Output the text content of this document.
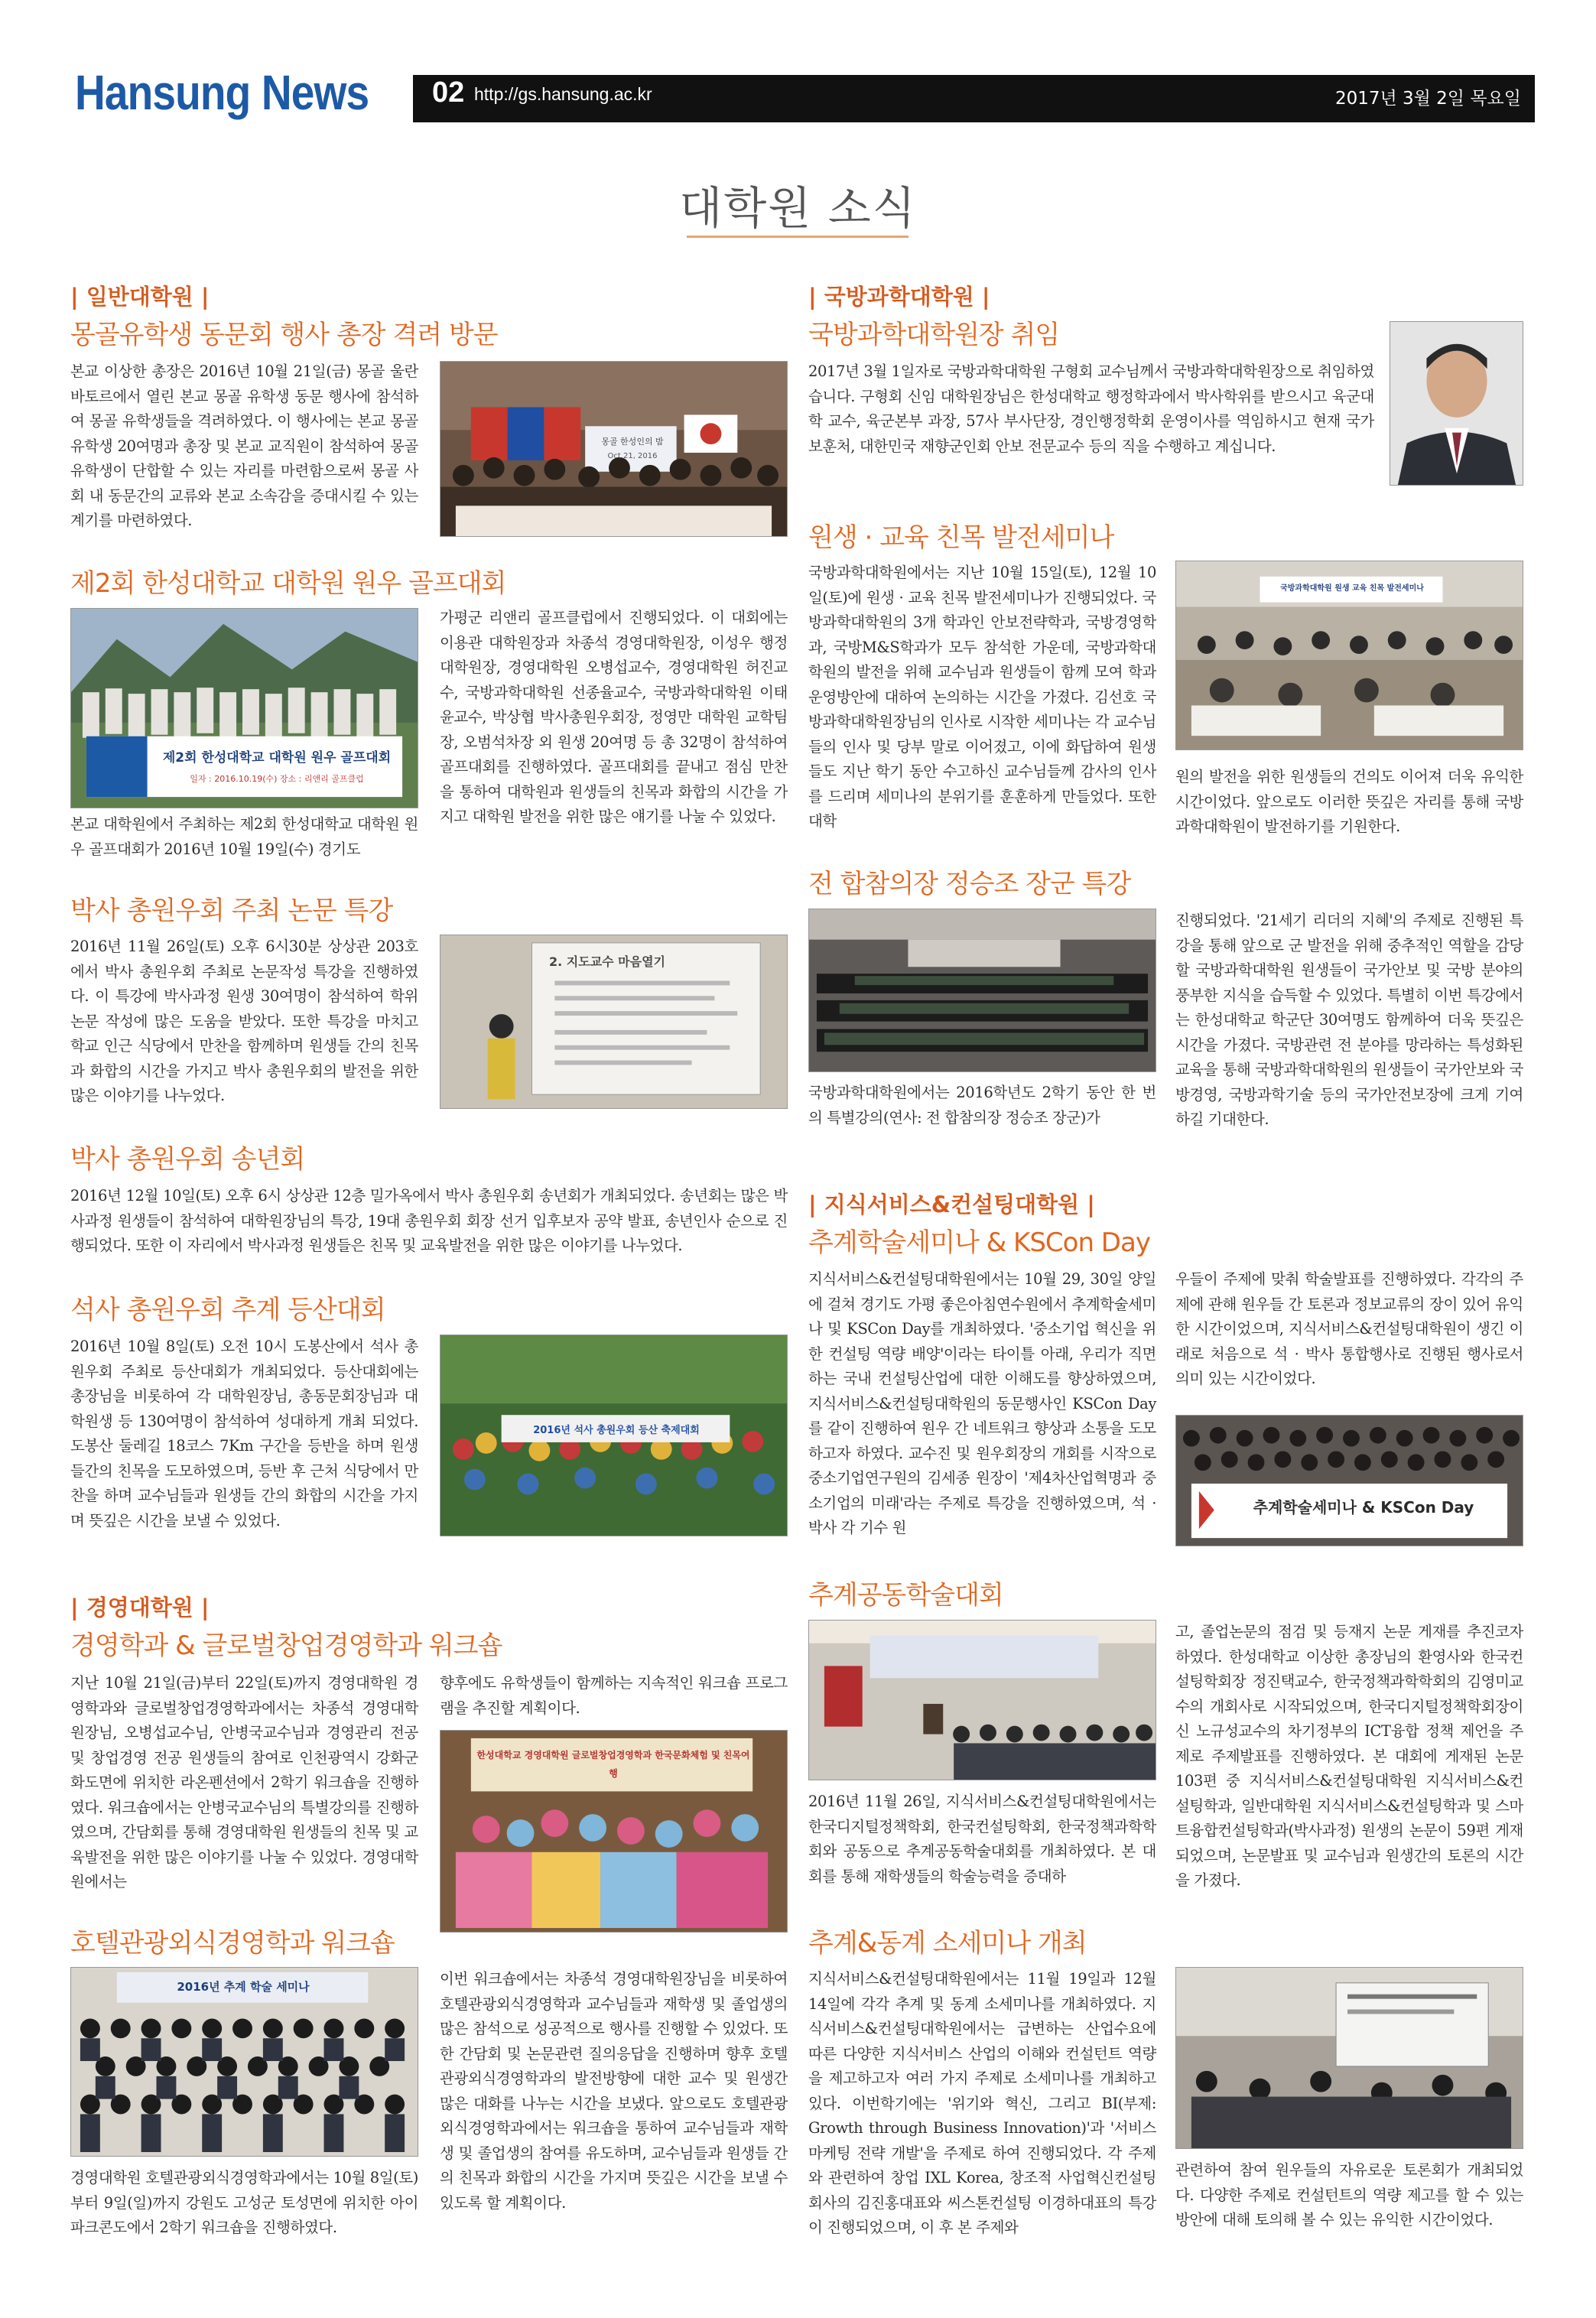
Hansung News 02 http://gs.hansung.ac.kr	2017년 3월 2일 목요일
대학원 소식
| 일반대학원 |
몽골유학생 동문회 행사 총장 격려 방문
본교 이상한 총장은 2016년 10월 21일(금) 몽골 울란바토르에서 열린 본교 몽골 유학생 동문 행사에 참석하여 몽골 유학생들을 격려하였다. 이 행사에는 본교 몽골 유학생 20여명과 총장 및 본교 교직원이 참석하여 몽골 유학생이 단합할 수 있는 자리를 마련함으로써 몽골 사회 내 동문간의 교류와 본교 소속감을 증대시킬 수 있는 계기를 마련하였다.
몽골 한성인의 밤
Oct 21, 2016
제2회 한성대학교 대학원 원우 골프대회
제2회 한성대학교 대학원 원우 골프대회
일자 : 2016.10.19(수) 장소 : 리앤리 골프클럽
본교 대학원에서 주최하는 제2회 한성대학교 대학원 원우 골프대회가 2016년 10월 19일(수) 경기도
가평군 리앤리 골프클럽에서 진행되었다. 이 대회에는 이용관 대학원장과 차종석 경영대학원장, 이성우 행정대학원장, 경영대학원 오병섭교수, 경영대학원 허진교수, 국방과학대학원 선종율교수, 국방과학대학원 이태윤교수, 박상협 박사총원우회장, 정영만 대학원 교학팀장, 오범석차장 외 원생 20여명 등 총 32명이 참석하여 골프대회를 진행하였다. 골프대회를 끝내고 점심 만찬을 통하여 대학원과 원생들의 친목과 화합의 시간을 가지고 대학원 발전을 위한 많은 얘기를 나눌 수 있었다.
박사 총원우회 주최 논문 특강
2016년 11월 26일(토) 오후 6시30분 상상관 203호에서 박사 총원우회 주최로 논문작성 특강을 진행하였다. 이 특강에 박사과정 원생 30여명이 참석하여 학위 논문 작성에 많은 도움을 받았다. 또한 특강을 마치고 학교 인근 식당에서 만찬을 함께하며 원생들 간의 친목과 화합의 시간을 가지고 박사 총원우회의 발전을 위한 많은 이야기를 나누었다.
2. 지도교수 마음열기
박사 총원우회 송년회
2016년 12월 10일(토) 오후 6시 상상관 12층 밀가옥에서 박사 총원우회 송년회가 개최되었다. 송년회는 많은 박사과정 원생들이 참석하여 대학원장님의 특강, 19대 총원우회 회장 선거 입후보자 공약 발표, 송년인사 순으로 진행되었다. 또한 이 자리에서 박사과정 원생들은 친목 및 교육발전을 위한 많은 이야기를 나누었다.
석사 총원우회 추계 등산대회
2016년 10월 8일(토) 오전 10시 도봉산에서 석사 총원우회 주최로 등산대회가 개최되었다. 등산대회에는 총장님을 비롯하여 각 대학원장님, 총동문회장님과 대학원생 등 130여명이 참석하여 성대하게 개최 되었다. 도봉산 둘레길 18코스 7Km 구간을 등반을 하며 원생들간의 친목을 도모하였으며, 등반 후 근처 식당에서 만찬을 하며 교수님들과 원생들 간의 화합의 시간을 가지며 뜻깊은 시간을 보낼 수 있었다.
2016년 석사 총원우회 등산 축제대회
| 경영대학원 |
경영학과 & 글로벌창업경영학과 워크숍
지난 10월 21일(금)부터 22일(토)까지 경영대학원 경영학과와 글로벌창업경영학과에서는 차종석 경영대학원장님, 오병섭교수님, 안병국교수님과 경영관리 전공 및 창업경영 전공 원생들의 참여로 인천광역시 강화군 화도면에 위치한 라온펜션에서 2학기 워크숍을 진행하였다. 워크숍에서는 안병국교수님의 특별강의를 진행하였으며, 간담회를 통해 경영대학원 원생들의 친목 및 교육발전을 위한 많은 이야기를 나눌 수 있었다. 경영대학원에서는
향후에도 유학생들이 함께하는 지속적인 워크숍 프로그램을 추진할 계획이다.
한성대학교 경영대학원 글로벌창업경영학과 한국문화체험 및 친목여행
호텔관광외식경영학과 워크숍
2016년 추계 학술 세미나
경영대학원 호텔관광외식경영학과에서는 10월 8일(토)부터 9일(일)까지 강원도 고성군 토성면에 위치한 아이파크콘도에서 2학기 워크숍을 진행하였다.
이번 워크숍에서는 차종석 경영대학원장님을 비롯하여 호텔관광외식경영학과 교수님들과 재학생 및 졸업생의 많은 참석으로 성공적으로 행사를 진행할 수 있었다. 또한 간담회 및 논문관련 질의응답을 진행하며 향후 호텔관광외식경영학과의 발전방향에 대한 교수 및 원생간 많은 대화를 나누는 시간을 보냈다. 앞으로도 호텔관광외식경영학과에서는 워크숍을 통하여 교수님들과 재학생 및 졸업생의 참여를 유도하며, 교수님들과 원생들 간의 친목과 화합의 시간을 가지며 뜻깊은 시간을 보낼 수 있도록 할 계획이다.
| 국방과학대학원 |
국방과학대학원장 취임
2017년 3월 1일자로 국방과학대학원 구형회 교수님께서 국방과학대학원장으로 취임하였습니다. 구형회 신임 대학원장님은 한성대학교 행정학과에서 박사학위를 받으시고 육군대학 교수, 육군본부 과장, 57사 부사단장, 경인행정학회 운영이사를 역임하시고 현재 국가보훈처, 대한민국 재향군인회 안보 전문교수 등의 직을 수행하고 계십니다.
원생 · 교육 친목 발전세미나
국방과학대학원에서는 지난 10월 15일(토), 12월 10일(토)에 원생 · 교육 친목 발전세미나가 진행되었다. 국방과학대학원의 3개 학과인 안보전략학과, 국방경영학과, 국방M&S학과가 모두 참석한 가운데, 국방과학대학원의 발전을 위해 교수님과 원생들이 함께 모여 학과운영방안에 대하여 논의하는 시간을 가졌다. 김선호 국방과학대학원장님의 인사로 시작한 세미나는 각 교수님들의 인사 및 당부 말로 이어졌고, 이에 화답하여 원생들도 지난 학기 동안 수고하신 교수님들께 감사의 인사를 드리며 세미나의 분위기를 훈훈하게 만들었다. 또한 대학
국방과학대학원 원생 교육 친목 발전세미나
원의 발전을 위한 원생들의 건의도 이어져 더욱 유익한 시간이었다. 앞으로도 이러한 뜻깊은 자리를 통해 국방과학대학원이 발전하기를 기원한다.
전 합참의장 정승조 장군 특강
국방과학대학원에서는 2016학년도 2학기 동안 한 번의 특별강의(연사: 전 합참의장 정승조 장군)가
진행되었다. '21세기 리더의 지혜'의 주제로 진행된 특강을 통해 앞으로 군 발전을 위해 중추적인 역할을 감당할 국방과학대학원 원생들이 국가안보 및 국방 분야의 풍부한 지식을 습득할 수 있었다. 특별히 이번 특강에서는 한성대학교 학군단 30여명도 함께하여 더욱 뜻깊은 시간을 가졌다. 국방관련 전 분야를 망라하는 특성화된 교육을 통해 국방과학대학원의 원생들이 국가안보와 국방경영, 국방과학기술 등의 국가안전보장에 크게 기여하길 기대한다.
| 지식서비스&컨설팅대학원 |
추계학술세미나 & KSCon Day
지식서비스&컨설팅대학원에서는 10월 29, 30일 양일에 걸쳐 경기도 가평 좋은아침연수원에서 추계학술세미나 및 KSCon Day를 개최하였다. '중소기업 혁신을 위한 컨설팅 역량 배양'이라는 타이틀 아래, 우리가 직면하는 국내 컨설팅산업에 대한 이해도를 향상하였으며, 지식서비스&컨설팅대학원의 동문행사인 KSCon Day를 같이 진행하여 원우 간 네트워크 향상과 소통을 도모하고자 하였다. 교수진 및 원우회장의 개회를 시작으로 중소기업연구원의 김세종 원장이 '제4차산업혁명과 중소기업의 미래'라는 주제로 특강을 진행하였으며, 석 · 박사 각 기수 원
우들이 주제에 맞춰 학술발표를 진행하였다. 각각의 주제에 관해 원우들 간 토론과 정보교류의 장이 있어 유익한 시간이었으며, 지식서비스&컨설팅대학원이 생긴 이래로 처음으로 석 · 박사 통합행사로 진행된 행사로서 의미 있는 시간이었다.
추계학술세미나 & KSCon Day
추계공동학술대회
2016년 11월 26일, 지식서비스&컨설팅대학원에서는 한국디지털정책학회, 한국컨설팅학회, 한국정책과학학회와 공동으로 추계공동학술대회를 개최하였다. 본 대회를 통해 재학생들의 학술능력을 증대하
고, 졸업논문의 점검 및 등재지 논문 게재를 추진코자 하였다. 한성대학교 이상한 총장님의 환영사와 한국컨설팅학회장 정진택교수, 한국정책과학학회의 김영미교수의 개회사로 시작되었으며, 한국디지털정책학회장이신 노규성교수의 차기정부의 ICT융합 정책 제언을 주제로 주제발표를 진행하였다. 본 대회에 게재된 논문 103편 중 지식서비스&컨설팅대학원 지식서비스&컨설팅학과, 일반대학원 지식서비스&컨설팅학과 및 스마트융합컨설팅학과(박사과정) 원생의 논문이 59편 게재되었으며, 논문발표 및 교수님과 원생간의 토론의 시간을 가졌다.
추계&동계 소세미나 개최
지식서비스&컨설팅대학원에서는 11월 19일과 12월 14일에 각각 추계 및 동계 소세미나를 개최하였다. 지식서비스&컨설팅대학원에서는 급변하는 산업수요에 따른 다양한 지식서비스 산업의 이해와 컨설턴트 역량을 제고하고자 여러 가지 주제로 소세미나를 개최하고 있다. 이번학기에는 '위기와 혁신, 그리고 BI(부제: Growth through Business Innovation)'과 '서비스 마케팅 전략 개발'을 주제로 하여 진행되었다. 각 주제와 관련하여 창업 IXL Korea, 창조적 사업혁신컨설팅 회사의 김진홍대표와 씨스톤컨설팅 이경하대표의 특강이 진행되었으며, 이 후 본 주제와
관련하여 참여 원우들의 자유로운 토론회가 개최되었다. 다양한 주제로 컨설턴트의 역량 제고를 할 수 있는 방안에 대해 토의해 볼 수 있는 유익한 시간이었다.
